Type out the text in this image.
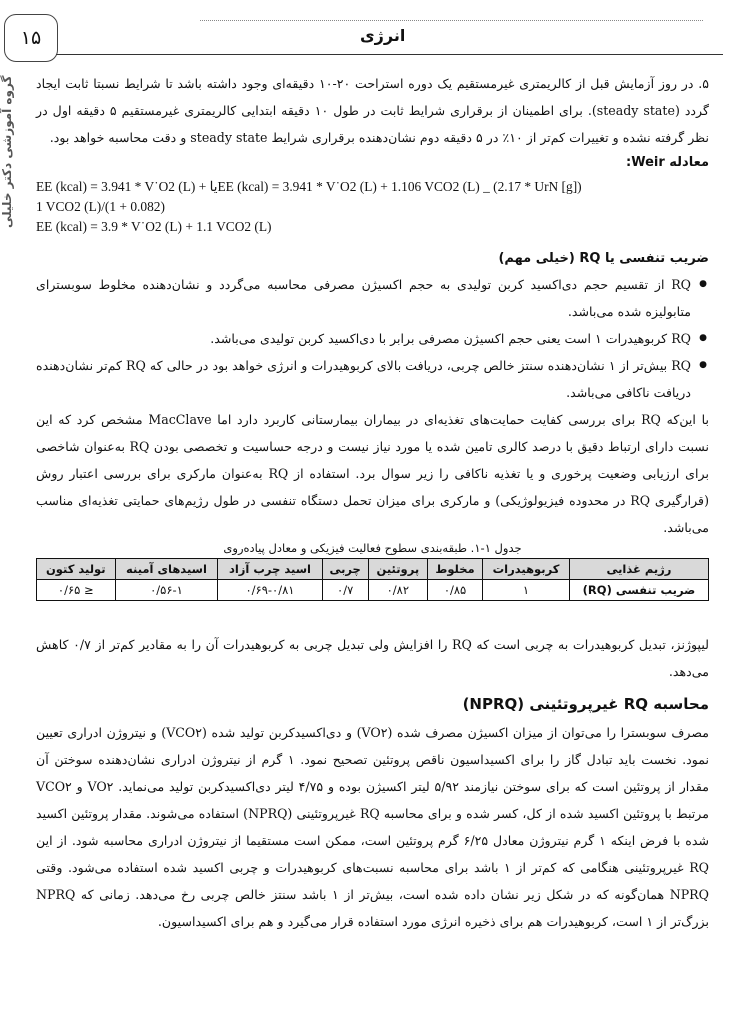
۱۵	انرژی
گروه آموزشی دکتر خلیلی	۵. در روز آزمایش قبل از کالریمتری غیرمستقیم یک دوره استراحت ۲۰-۱۰ دقیقه‌ای وجود داشته باشد تا شرایط نسبتا ثابت ایجاد گردد (steady state). برای اطمینان از برقراری شرایط ثابت در طول ۱۰ دقیقه ابتدایی کالریمتری غیرمستقیم ۵ دقیقه اول در نظر گرفته نشده و تغییرات کم‌تر از ۱۰٪ در ۵ دقیقه دوم نشان‌دهنده برقراری شرایط steady state و دقت محاسبه خواهد بود.

معادله Weir:
EE (kcal) = 3.941 * V˙O2 (L) + یاEE (kcal) = 3.941 * V˙O2 (L) + 1.106 VCO2 (L) _ (2.17 * UrN [g])
1 VCO2 (L)/(1 + 0.082)
EE (kcal) = 3.9 * V˙O2 (L) + 1.1 VCO2 (L)
ضریب تنفسی یا RQ (خیلی مهم)
● RQ از تقسیم حجم دی‌اکسید کربن تولیدی به حجم اکسیژن مصرفی محاسبه می‌گردد و نشان‌دهنده مخلوط سوبسترای متابولیزه شده می‌باشد.
● RQ کربوهیدرات ۱ است یعنی حجم اکسیژن مصرفی برابر با دی‌اکسید کربن تولیدی می‌باشد.
● RQ بیش‌تر از ۱ نشان‌دهنده سنتز خالص چربی، دریافت بالای کربوهیدرات و انرژی خواهد بود در حالی که RQ کم‌تر نشان‌دهنده دریافت ناکافی می‌باشد.

با این‌که RQ برای بررسی کفایت حمایت‌های تغذیه‌ای در بیماران بیمارستانی کاربرد دارد اما MacClave مشخص کرد که این نسبت دارای ارتباط دقیق با درصد کالری تامین شده یا مورد نیاز نیست و درجه حساسیت و تخصصی بودن RQ به‌عنوان شاخصی برای ارزیابی وضعیت پرخوری و یا تغذیه ناکافی را زیر سوال برد. استفاده از RQ به‌عنوان مارکری برای بررسی اعتبار روش (قرارگیری RQ در محدوده فیزیولوژیکی) و مارکری برای میزان تحمل دستگاه تنفسی در طول رژیم‌های حمایتی تغذیه‌ای مناسب می‌باشد.

جدول ۱-۱. طبقه‌بندی سطوح فعالیت فیزیکی و معادل پیاده‌روی
رژیم غذایی	کربوهیدرات	مخلوط	پروتئین	چربی	اسید چرب آزاد	اسیدهای آمینه	تولید کتون
ضریب تنفسی (RQ)	۱	۰/۸۵	۰/۸۲	۰/۷	۰/۶۹-۰/۸۱	۰/۵۶-۱	≤ ۰/۶۵

لیپوژنز، تبدیل کربوهیدرات به چربی است که RQ را افزایش ولی تبدیل چربی به کربوهیدرات آن را به مقادیر کم‌تر از ۰/۷ کاهش می‌دهد.

محاسبه RQ غیرپروتئینی (NPRQ)

مصرف سوبسترا را می‌توان از میزان اکسیژن مصرف شده (VO۲) و دی‌اکسیدکربن تولید شده (VCO۲) و نیتروژن ادراری تعیین نمود. نخست باید تبادل گاز را برای اکسیداسیون ناقص پروتئین تصحیح نمود. ۱ گرم از نیتروژن ادراری نشان‌دهنده سوختن آن مقدار از پروتئین است که برای سوختن نیازمند ۵/۹۲ لیتر اکسیژن بوده و ۴/۷۵ لیتر دی‌اکسیدکربن تولید می‌نماید. VO۲ و VCO۲ مرتبط با پروتئین اکسید شده از کل، کسر شده و برای محاسبه RQ غیرپروتئینی (NPRQ) استفاده می‌شوند. مقدار پروتئین اکسید شده با فرض اینکه ۱ گرم نیتروژن معادل ۶/۲۵ گرم پروتئین است، ممکن است مستقیما از نیتروژن ادراری محاسبه شود. از این RQ غیرپروتئینی هنگامی که کم‌تر از ۱ باشد برای محاسبه نسبت‌های کربوهیدرات و چربی اکسید شده استفاده می‌شود. وقتی NPRQ همان‌گونه که در شکل زیر نشان داده شده است، بیش‌تر از ۱ باشد سنتز خالص چربی رخ می‌دهد. زمانی که NPRQ بزرگ‌تر از ۱ است، کربوهیدرات هم برای ذخیره انرژی مورد استفاده قرار می‌گیرد و هم برای اکسیداسیون.
